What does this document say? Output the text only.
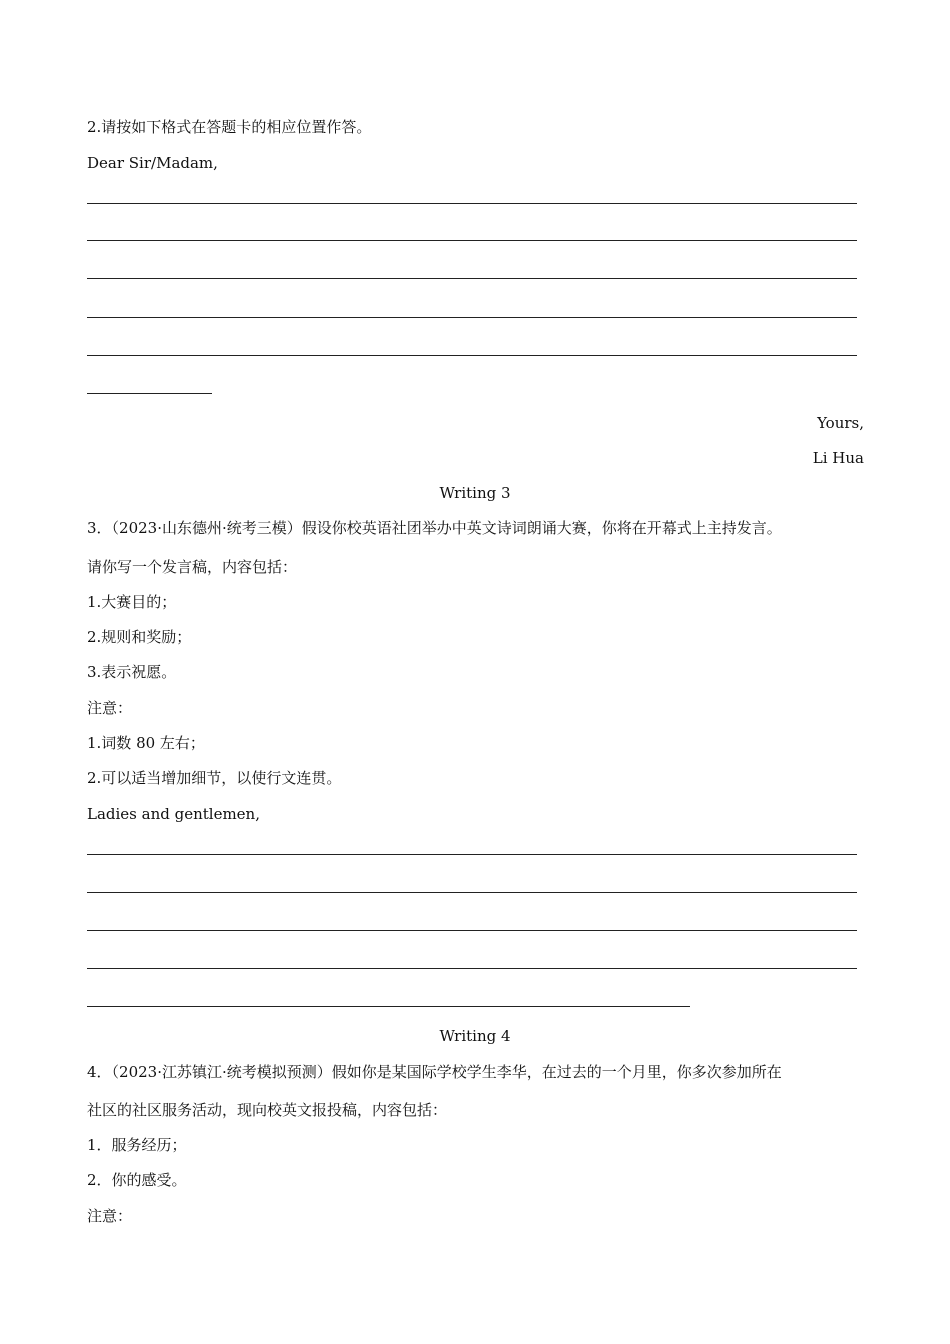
2.请按如下格式在答题卡的相应位置作答。
Dear Sir/Madam,
Yours,
Li Hua
Writing 3
3．（2023·山东德州·统考三模）假设你校英语社团举办中英文诗词朗诵大赛，你将在开幕式上主持发言。
请你写一个发言稿，内容包括：
1.大赛目的；
2.规则和奖励；
3.表示祝愿。
注意：
1.词数 80 左右；
2.可以适当增加细节，以使行文连贯。
Ladies and gentlemen,
Writing 4
4．（2023·江苏镇江·统考模拟预测）假如你是某国际学校学生李华，在过去的一个月里，你多次参加所在
社区的社区服务活动，现向校英文报投稿，内容包括：
1．服务经历；
2．你的感受。
注意：
